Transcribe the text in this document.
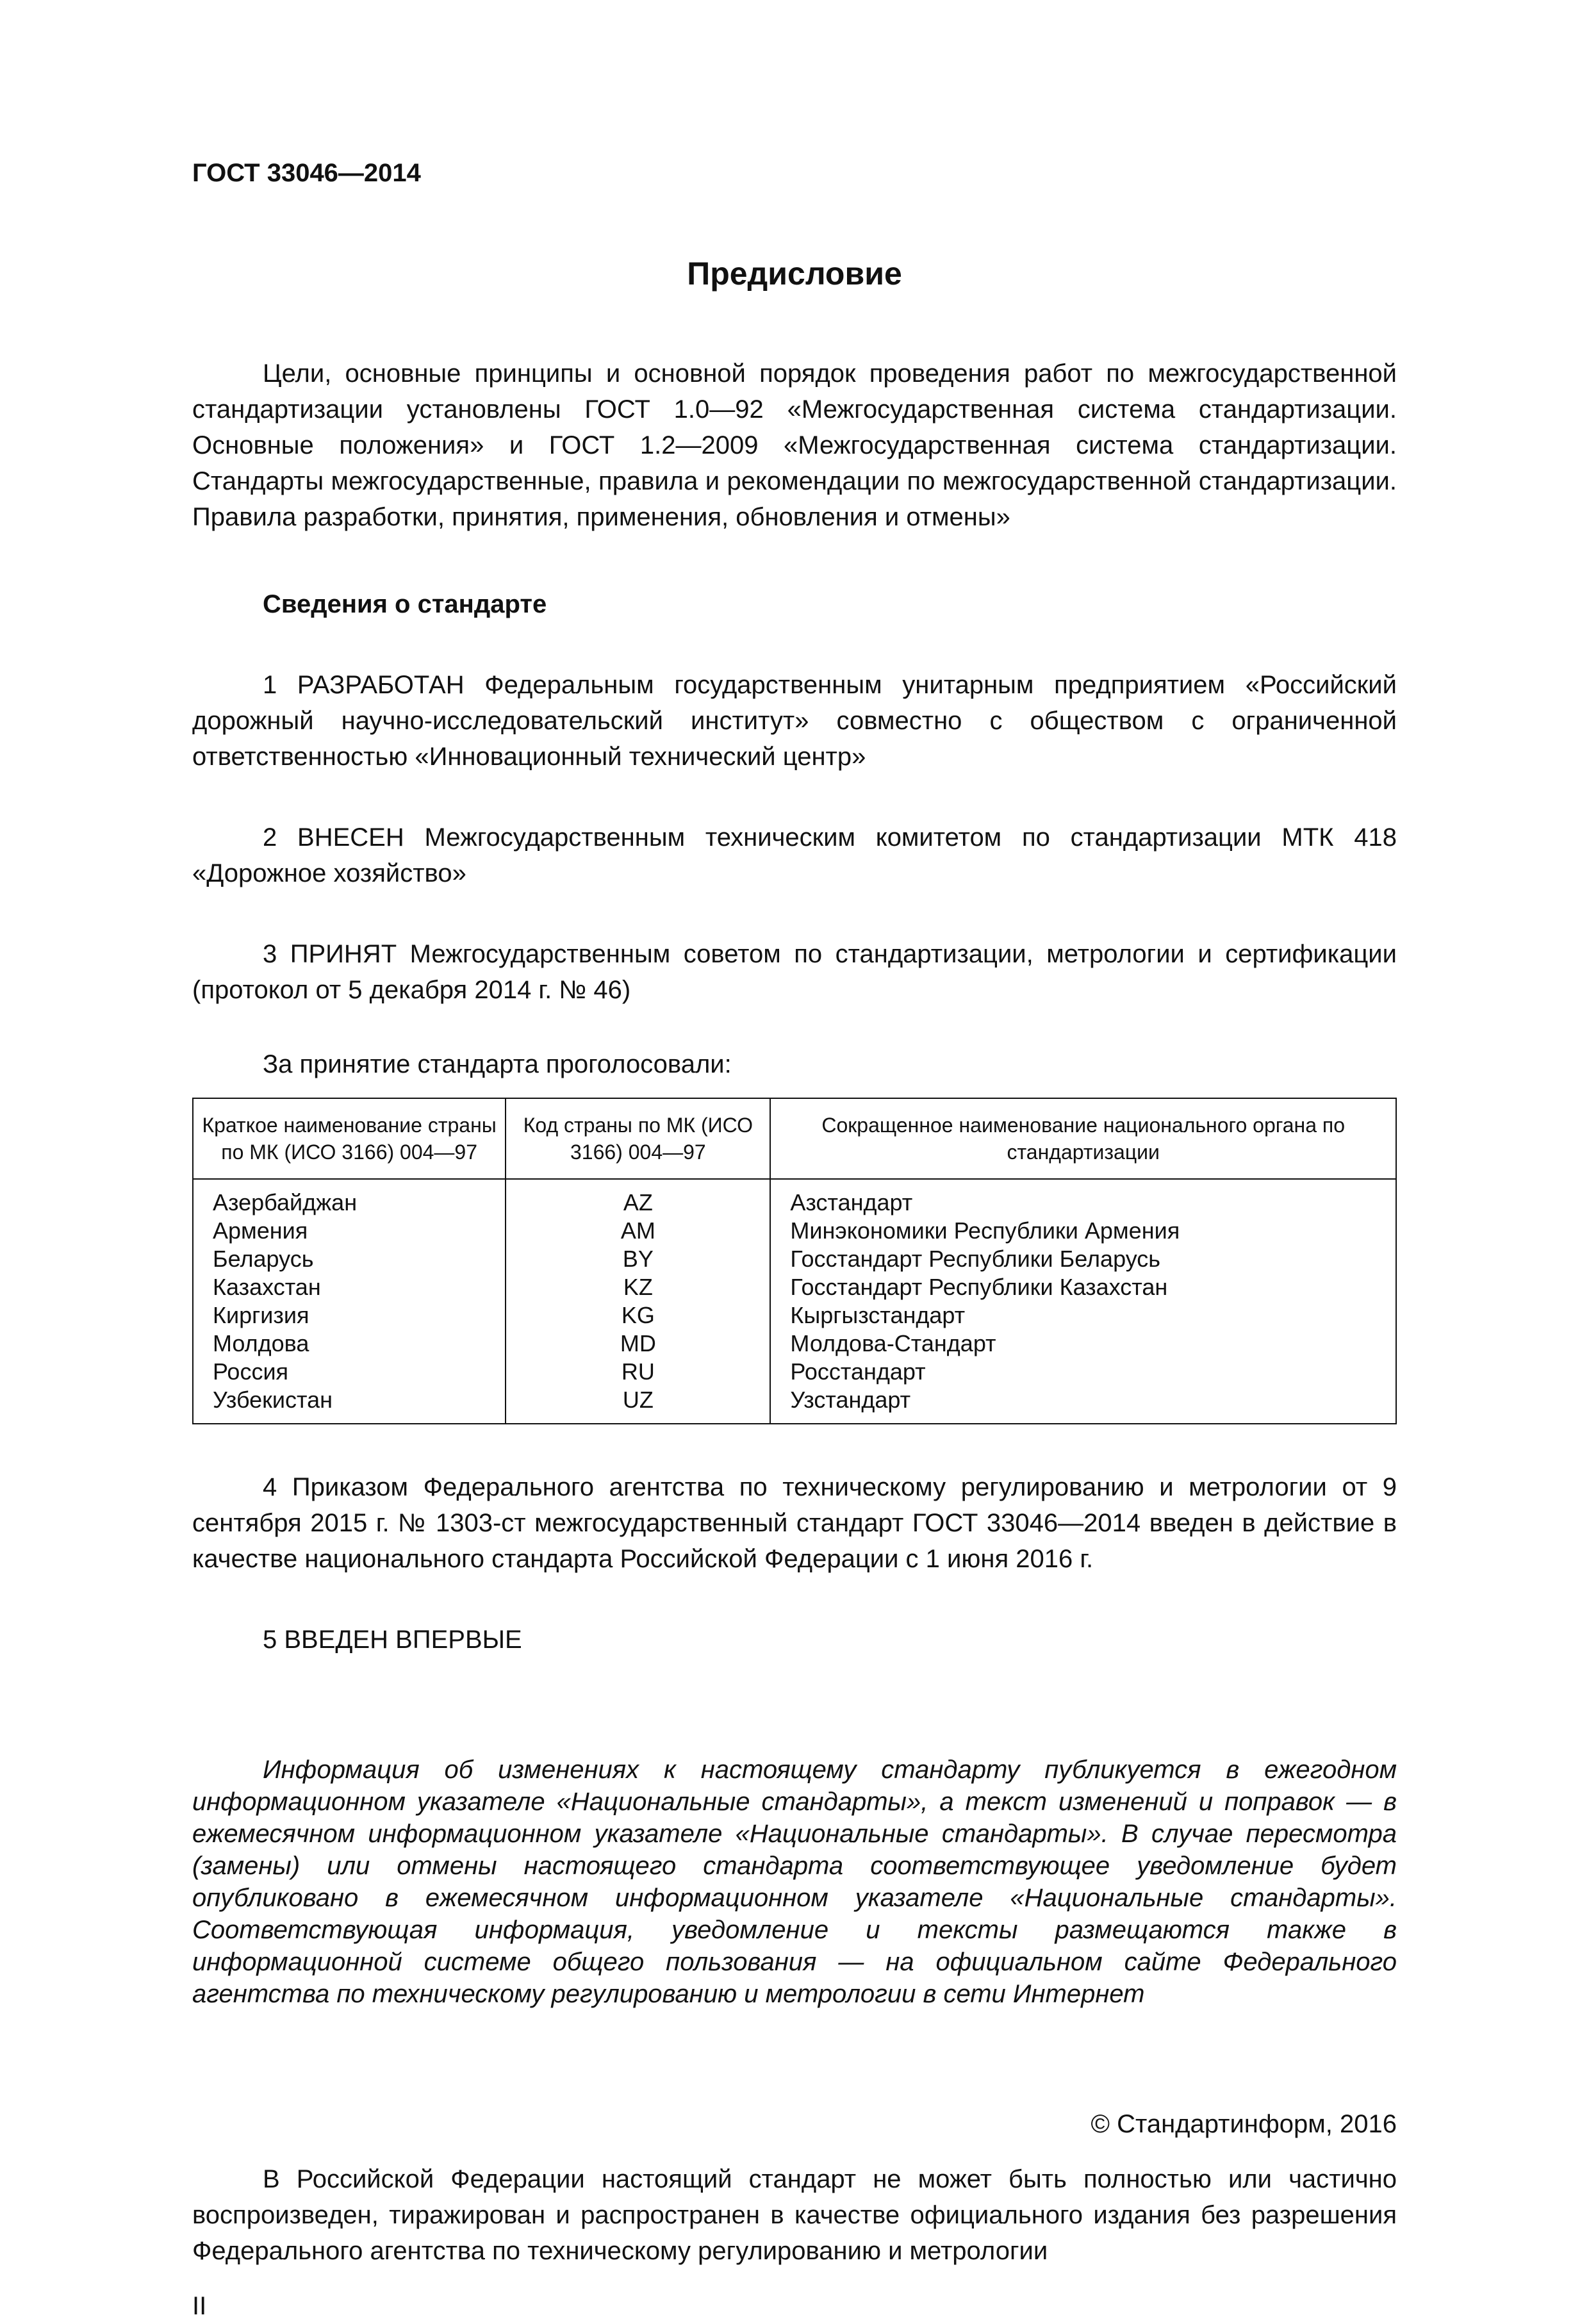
ГОСТ 33046—2014
Предисловие

Цели, основные принципы и основной порядок проведения работ по межгосударственной стандартизации установлены ГОСТ 1.0—92 «Межгосударственная система стандартизации. Основные положения» и ГОСТ 1.2—2009 «Межгосударственная система стандартизации. Стандарты межгосударственные, правила и рекомендации по межгосударственной стандартизации. Правила разработки, принятия, применения, обновления и отмены»

Сведения о стандарте

1 РАЗРАБОТАН Федеральным государственным унитарным предприятием «Российский дорожный научно-исследовательский институт» совместно с обществом с ограниченной ответственностью «Инновационный технический центр»

2 ВНЕСЕН Межгосударственным техническим комитетом по стандартизации МТК 418 «Дорожное хозяйство»

3 ПРИНЯТ Межгосударственным советом по стандартизации, метрологии и сертификации (протокол от 5 декабря 2014 г. № 46)

За принятие стандарта проголосовали:
Краткое наименование страны по МК (ИСО 3166) 004—97	Код страны по МК (ИСО 3166) 004—97	Сокращенное наименование национального органа по стандартизации
Азербайджан	AZ	Азстандарт
Армения	AM	Минэкономики Республики Армения
Беларусь	BY	Госстандарт Республики Беларусь
Казахстан	KZ	Госстандарт Республики Казахстан
Киргизия	KG	Кыргызстандарт
Молдова	MD	Молдова-Стандарт
Россия	RU	Росстандарт
Узбекистан	UZ	Узстандарт

4 Приказом Федерального агентства по техническому регулированию и метрологии от 9 сентября 2015 г. № 1303-ст межгосударственный стандарт ГОСТ 33046—2014 введен в действие в качестве национального стандарта Российской Федерации с 1 июня 2016 г.

5 ВВЕДЕН ВПЕРВЫЕ

Информация об изменениях к настоящему стандарту публикуется в ежегодном информационном указателе «Национальные стандарты», а текст изменений и поправок — в ежемесячном информационном указателе «Национальные стандарты». В случае пересмотра (замены) или отмены настоящего стандарта соответствующее уведомление будет опубликовано в ежемесячном информационном указателе «Национальные стандарты». Соответствующая информация, уведомление и тексты размещаются также в информационной системе общего пользования — на официальном сайте Федерального агентства по техническому регулированию и метрологии в сети Интернет

© Стандартинформ, 2016

В Российской Федерации настоящий стандарт не может быть полностью или частично воспроизведен, тиражирован и распространен в качестве официального издания без разрешения Федерального агентства по техническому регулированию и метрологии

II
